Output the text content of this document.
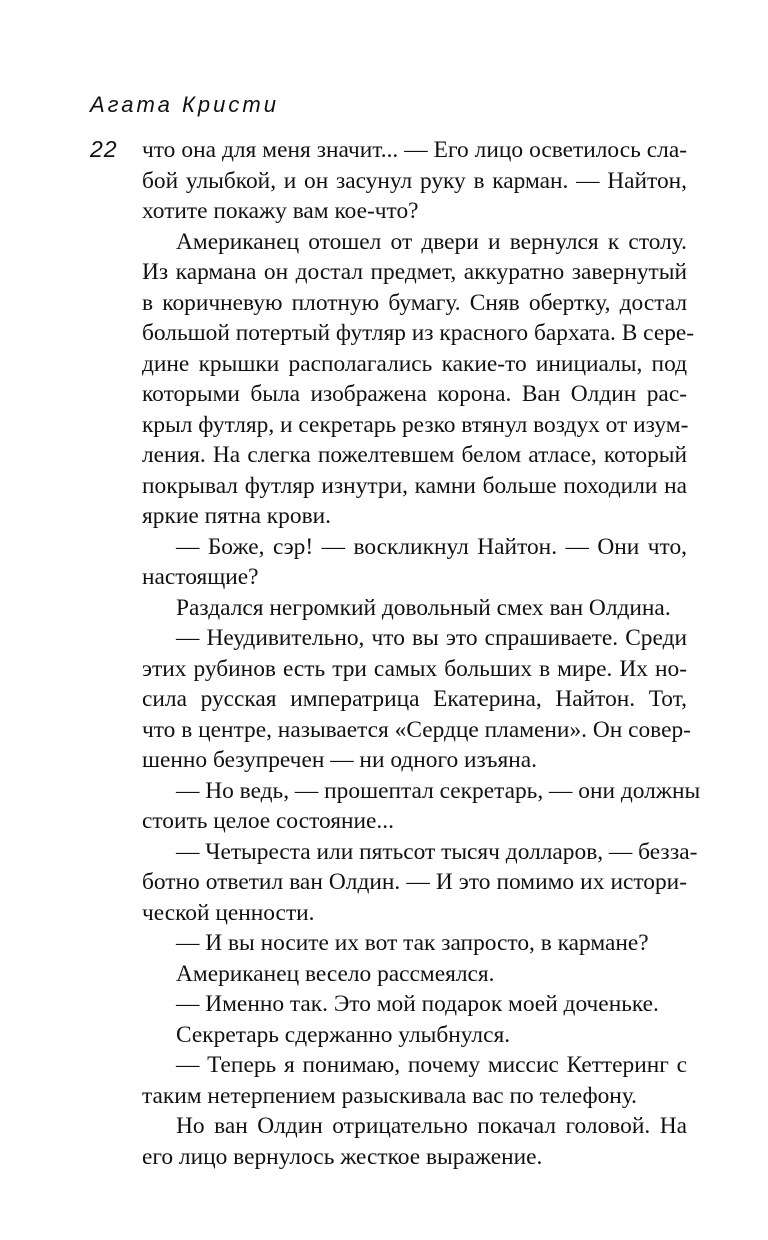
Агата Кристи
22 что она для меня значит... — Его лицо осветилось сла-
бой улыбкой, и он засунул руку в карман. — Найтон,
хотите покажу вам кое-что?
Американец отошел от двери и вернулся к столу.
Из кармана он достал предмет, аккуратно завернутый
в коричневую плотную бумагу. Сняв обертку, достал
большой потертый футляр из красного бархата. В сере-
дине крышки располагались какие-то инициалы, под
которыми была изображена корона. Ван Олдин рас-
крыл футляр, и секретарь резко втянул воздух от изум-
ления. На слегка пожелтевшем белом атласе, который
покрывал футляр изнутри, камни больше походили на
яркие пятна крови.
— Боже, сэр! — воскликнул Найтон. — Они что,
настоящие?
Раздался негромкий довольный смех ван Олдина.
— Неудивительно, что вы это спрашиваете. Среди
этих рубинов есть три самых больших в мире. Их но-
сила русская императрица Екатерина, Найтон. Тот,
что в центре, называется «Сердце пламени». Он совер-
шенно безупречен — ни одного изъяна.
— Но ведь, — прошептал секретарь, — они должны
стоить целое состояние...
— Четыреста или пятьсот тысяч долларов, — безза-
ботно ответил ван Олдин. — И это помимо их истори-
ческой ценности.
— И вы носите их вот так запросто, в кармане?
Американец весело рассмеялся.
— Именно так. Это мой подарок моей доченьке.
Секретарь сдержанно улыбнулся.
— Теперь я понимаю, почему миссис Кеттеринг с
таким нетерпением разыскивала вас по телефону.
Но ван Олдин отрицательно покачал головой. На
его лицо вернулось жесткое выражение.
